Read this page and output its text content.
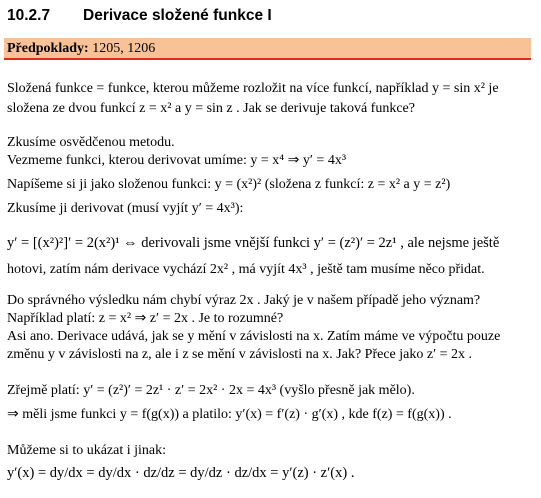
10.2.7	Derivace složené funkce I
Předpoklady: 1205, 1206
Složená funkce = funkce, kterou můžeme rozložit na více funkcí, například y = sin x² je
složena ze dvou funkcí z = x² a y = sin z . Jak se derivuje taková funkce?
Zkusíme osvědčenou metodu.
Vezmeme funkci, kterou derivovat umíme: y = x⁴ ⇒ y′ = 4x³
Napíšeme si ji jako složenou funkci: y = (x²)² (složena z funkcí: z = x² a y = z²)
Zkusíme ji derivovat (musí vyjít y′ = 4x³):
y′ = [(x²)²]′ = 2(x²)¹ ⇔ derivovali jsme vnější funkci y′ = (z²)′ = 2z¹ , ale nejsme ještě
hotovi, zatím nám derivace vychází 2x² , má vyjít 4x³ , ještě tam musíme něco přidat.
Do správného výsledku nám chybí výraz 2x . Jaký je v našem případě jeho význam?
Například platí: z = x² ⇒ z′ = 2x . Je to rozumné?
Asi ano. Derivace udává, jak se y mění v závislosti na x. Zatím máme ve výpočtu pouze
změnu y v závislosti na z, ale i z se mění v závislosti na x. Jak? Přece jako z′ = 2x .
Zřejmě platí: y′ = (z²)′ = 2z¹ · z′ = 2x² · 2x = 4x³ (vyšlo přesně jak mělo).
⇒ měli jsme funkci y = f(g(x)) a platilo: y′(x) = f′(z) · g′(x) , kde f(z) = f(g(x)) .
Můžeme si to ukázat i jinak:
y′(x) = dy/dx = dy/dx · dz/dz = dy/dz · dz/dx = y′(z) · z′(x) .
